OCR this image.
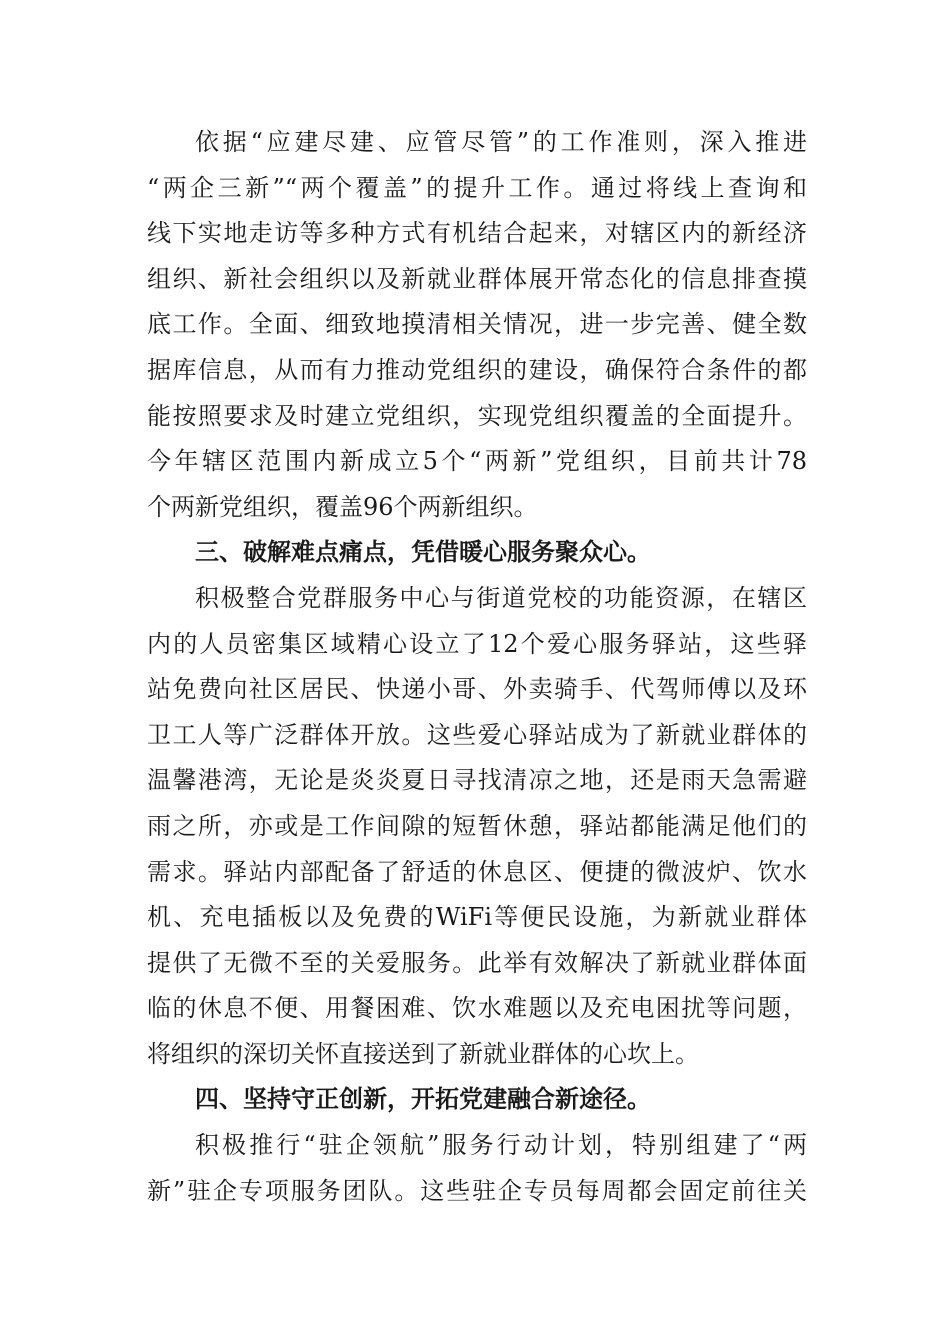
依据“应建尽建、应管尽管”的工作准则，深入推进
“两企三新”“两个覆盖”的提升工作。通过将线上查询和
线下实地走访等多种方式有机结合起来，对辖区内的新经济
组织、新社会组织以及新就业群体展开常态化的信息排查摸
底工作。全面、细致地摸清相关情况，进一步完善、健全数
据库信息，从而有力推动党组织的建设，确保符合条件的都
能按照要求及时建立党组织，实现党组织覆盖的全面提升。
今年辖区范围内新成立5个“两新”党组织，目前共计78
个两新党组织，覆盖96个两新组织。
三、破解难点痛点，凭借暖心服务聚众心。
积极整合党群服务中心与街道党校的功能资源，在辖区
内的人员密集区域精心设立了12个爱心服务驿站，这些驿
站免费向社区居民、快递小哥、外卖骑手、代驾师傅以及环
卫工人等广泛群体开放。这些爱心驿站成为了新就业群体的
温馨港湾，无论是炎炎夏日寻找清凉之地，还是雨天急需避
雨之所，亦或是工作间隙的短暂休憩，驿站都能满足他们的
需求。驿站内部配备了舒适的休息区、便捷的微波炉、饮水
机、充电插板以及免费的WiFi等便民设施，为新就业群体
提供了无微不至的关爱服务。此举有效解决了新就业群体面
临的休息不便、用餐困难、饮水难题以及充电困扰等问题，
将组织的深切关怀直接送到了新就业群体的心坎上。
四、坚持守正创新，开拓党建融合新途径。
积极推行“驻企领航”服务行动计划，特别组建了“两
新”驻企专项服务团队。这些驻企专员每周都会固定前往关
